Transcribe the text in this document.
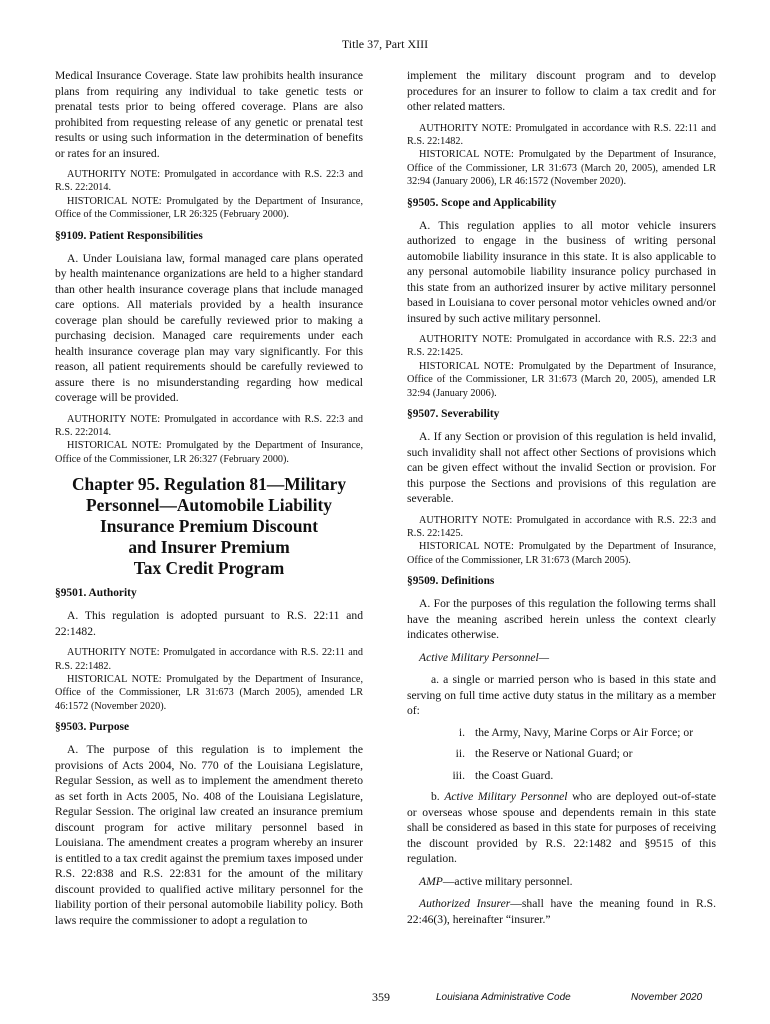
Title 37, Part XIII

Medical Insurance Coverage. State law prohibits health insurance plans from requiring any individual to take genetic tests or prenatal tests prior to being offered coverage. Plans are also prohibited from requesting release of any genetic or prenatal test results or using such information in the determination of benefits or rates for an insured.

AUTHORITY NOTE: Promulgated in accordance with R.S. 22:3 and R.S. 22:2014.

HISTORICAL NOTE: Promulgated by the Department of Insurance, Office of the Commissioner, LR 26:325 (February 2000).

§9109. Patient Responsibilities

A. Under Louisiana law, formal managed care plans operated by health maintenance organizations are held to a higher standard than other health insurance coverage plans that include managed care options. All materials provided by a health insurance coverage plan should be carefully reviewed prior to making a purchasing decision. Managed care requirements under each health insurance coverage plan may vary significantly. For this reason, all patient requirements should be carefully reviewed to assure there is no misunderstanding regarding how medical coverage will be provided.

AUTHORITY NOTE: Promulgated in accordance with R.S. 22:3 and R.S. 22:2014.

HISTORICAL NOTE: Promulgated by the Department of Insurance, Office of the Commissioner, LR 26:327 (February 2000).

Chapter 95. Regulation 81—Military
Personnel—Automobile Liability
Insurance Premium Discount
and Insurer Premium
Tax Credit Program
§9501. Authority

A. This regulation is adopted pursuant to R.S. 22:11 and 22:1482.

AUTHORITY NOTE: Promulgated in accordance with R.S. 22:11 and R.S. 22:1482.

HISTORICAL NOTE: Promulgated by the Department of Insurance, Office of the Commissioner, LR 31:673 (March 2005), amended LR 46:1572 (November 2020).

§9503. Purpose

A. The purpose of this regulation is to implement the provisions of Acts 2004, No. 770 of the Louisiana Legislature, Regular Session, as well as to implement the amendment thereto as set forth in Acts 2005, No. 408 of the Louisiana Legislature, Regular Session. The original law created an insurance premium discount program for active military personnel based in Louisiana. The amendment creates a program whereby an insurer is entitled to a tax credit against the premium taxes imposed under R.S. 22:838 and R.S. 22:831 for the amount of the military discount provided to qualified active military personnel for the liability portion of their personal automobile liability policy. Both laws require the commissioner to adopt a regulation to

implement the military discount program and to develop procedures for an insurer to follow to claim a tax credit and for other related matters.

AUTHORITY NOTE: Promulgated in accordance with R.S. 22:11 and R.S. 22:1482.

HISTORICAL NOTE: Promulgated by the Department of Insurance, Office of the Commissioner, LR 31:673 (March 20, 2005), amended LR 32:94 (January 2006), LR 46:1572 (November 2020).

§9505. Scope and Applicability

A. This regulation applies to all motor vehicle insurers authorized to engage in the business of writing personal automobile liability insurance in this state. It is also applicable to any personal automobile liability insurance policy purchased in this state from an authorized insurer by active military personnel based in Louisiana to cover personal motor vehicles owned and/or insured by such active military personnel.

AUTHORITY NOTE: Promulgated in accordance with R.S. 22:3 and R.S. 22:1425.

HISTORICAL NOTE: Promulgated by the Department of Insurance, Office of the Commissioner, LR 31:673 (March 20, 2005), amended LR 32:94 (January 2006).

§9507. Severability

A. If any Section or provision of this regulation is held invalid, such invalidity shall not affect other Sections of provisions which can be given effect without the invalid Section or provision. For this purpose the Sections and provisions of this regulation are severable.

AUTHORITY NOTE: Promulgated in accordance with R.S. 22:3 and R.S. 22:1425.

HISTORICAL NOTE: Promulgated by the Department of Insurance, Office of the Commissioner, LR 31:673 (March 2005).

§9509. Definitions

A. For the purposes of this regulation the following terms shall have the meaning ascribed herein unless the context clearly indicates otherwise.

Active Military Personnel—

a. a single or married person who is based in this state and serving on full time active duty status in the military as a member of:

i. the Army, Navy, Marine Corps or Air Force; or
ii. the Reserve or National Guard; or
iii. the Coast Guard.

b. Active Military Personnel who are deployed out-of-state or overseas whose spouse and dependents remain in this state shall be considered as based in this state for purposes of receiving the discount provided by R.S. 22:1482 and §9515 of this regulation.

AMP—active military personnel.

Authorized Insurer—shall have the meaning found in R.S. 22:46(3), hereinafter “insurer.”

359	Louisiana Administrative Code	November 2020
